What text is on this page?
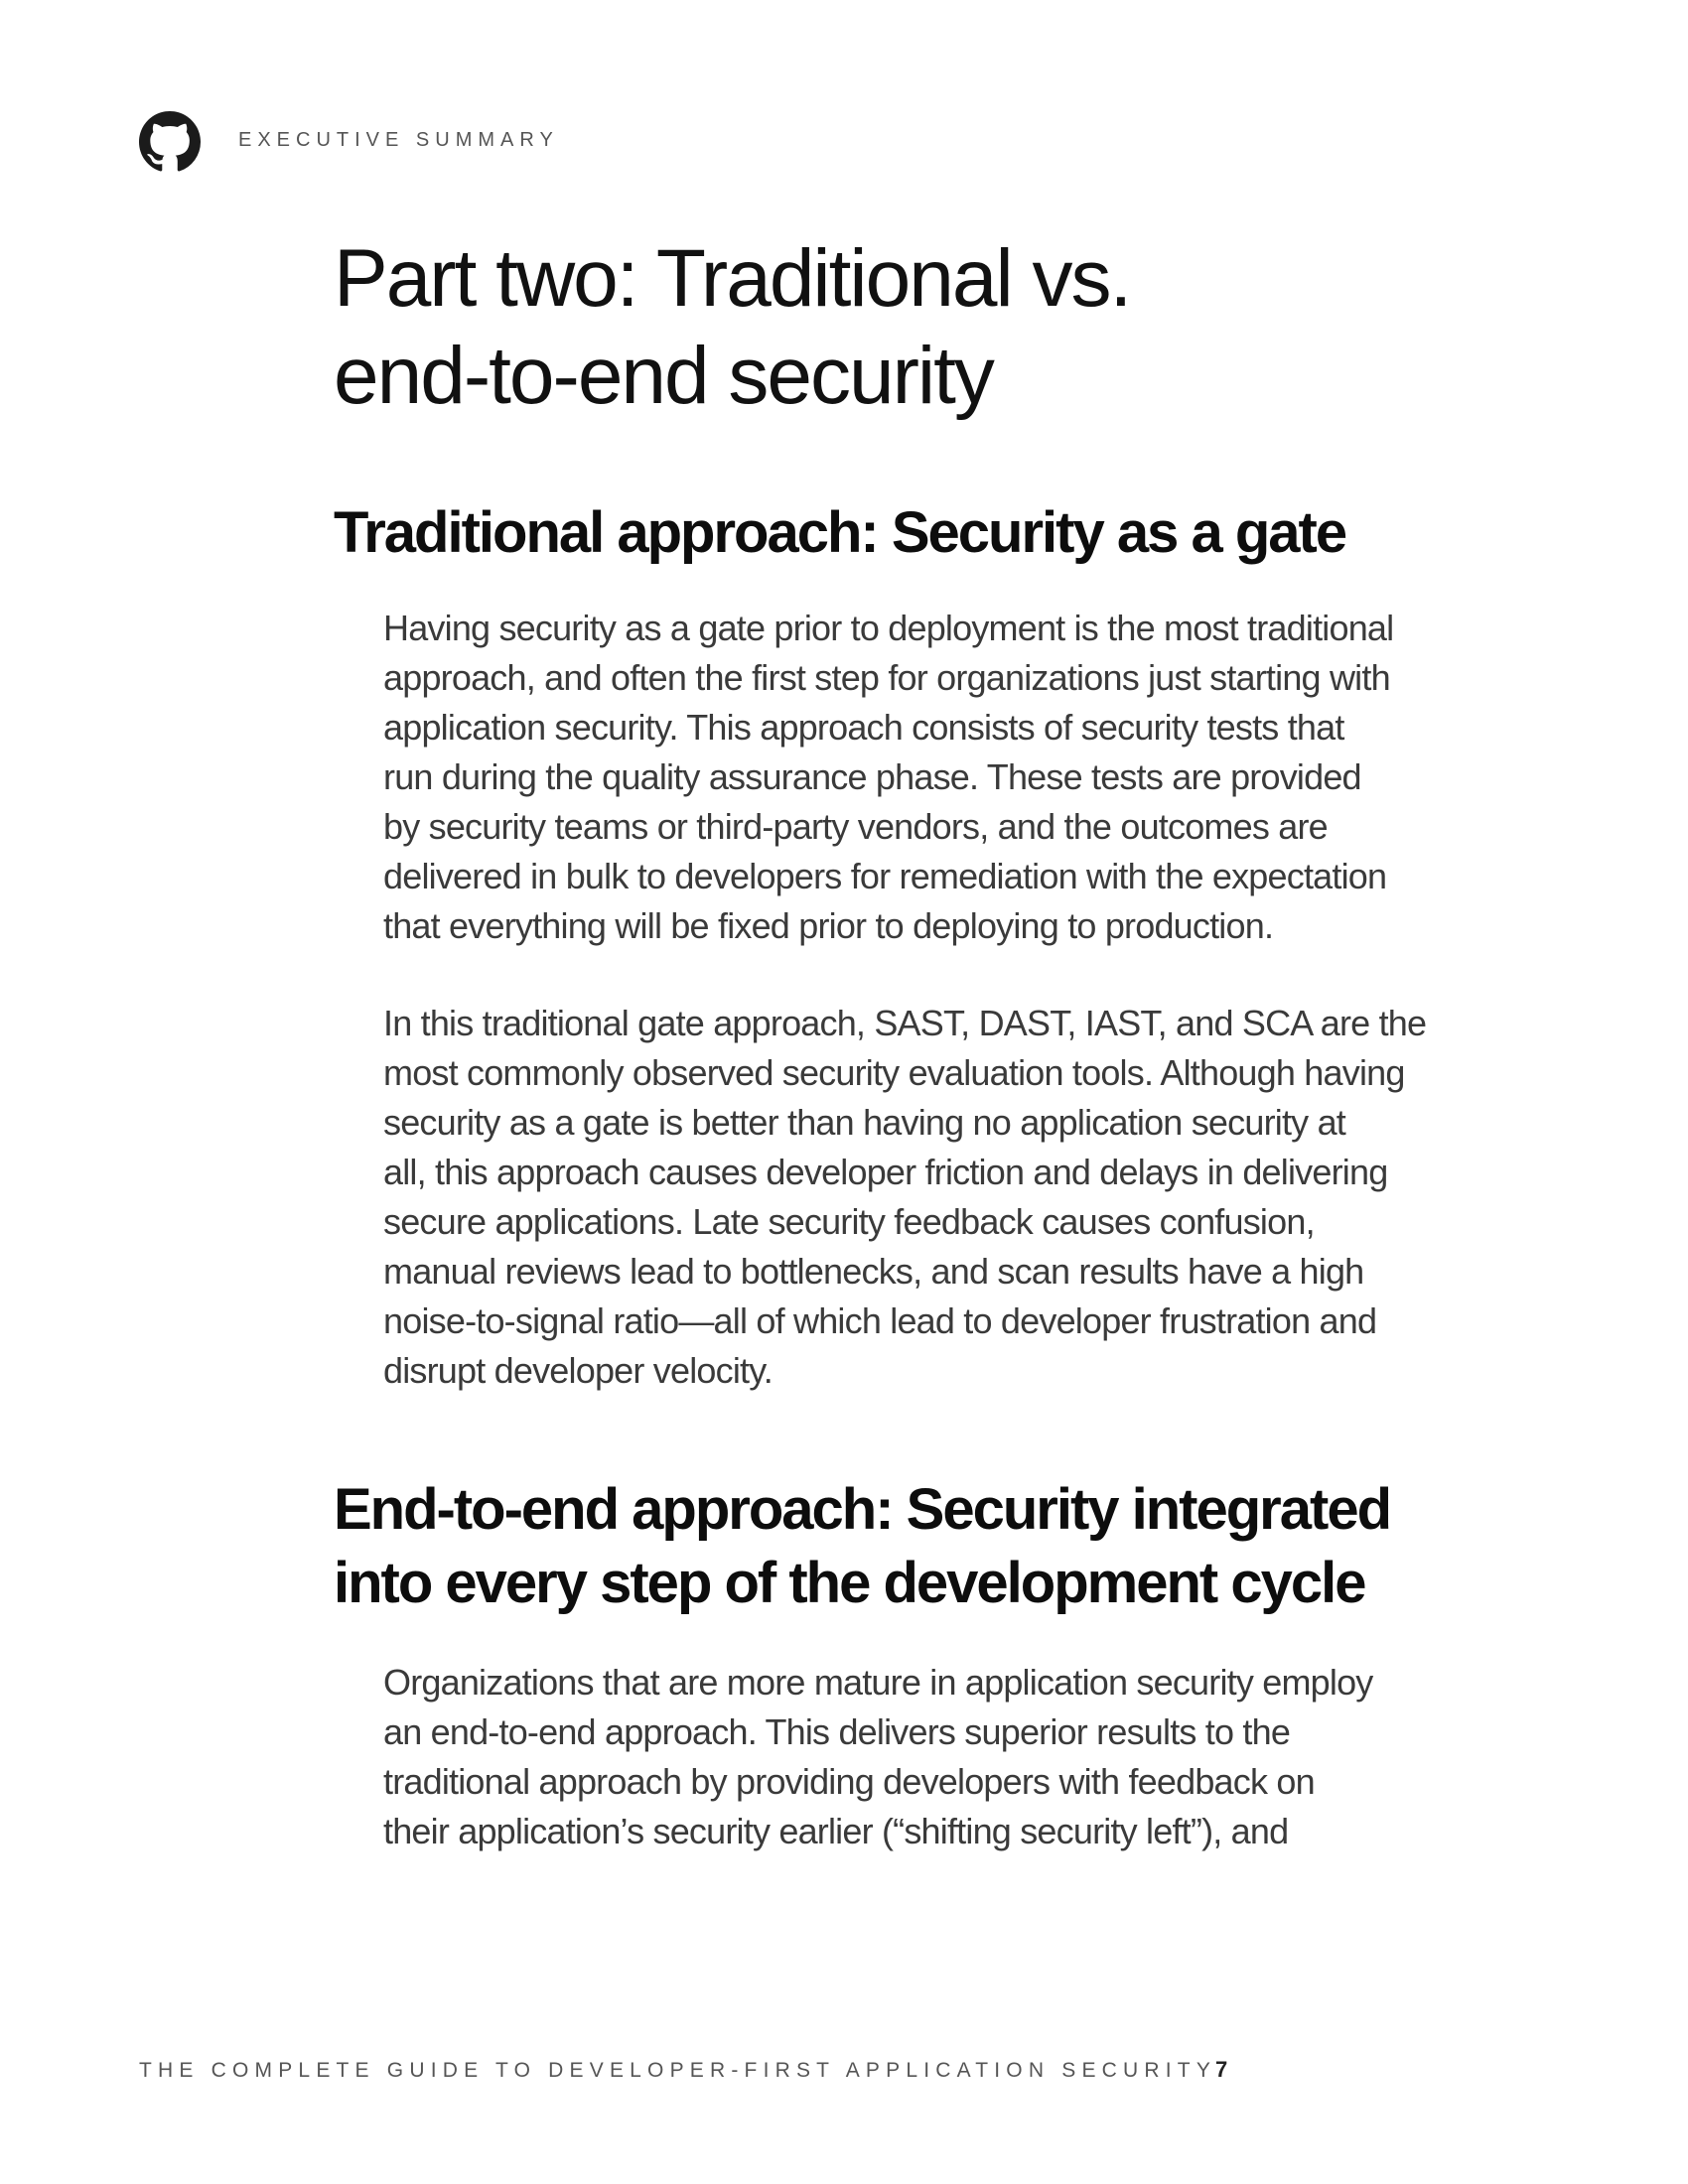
EXECUTIVE SUMMARY
Part two: Traditional vs.
end-to-end security
Traditional approach: Security as a gate

Having security as a gate prior to deployment is the most traditional
approach, and often the first step for organizations just starting with
application security. This approach consists of security tests that
run during the quality assurance phase. These tests are provided
by security teams or third-party vendors, and the outcomes are
delivered in bulk to developers for remediation with the expectation
that everything will be fixed prior to deploying to production.

In this traditional gate approach, SAST, DAST, IAST, and SCA are the
most commonly observed security evaluation tools. Although having
security as a gate is better than having no application security at
all, this approach causes developer friction and delays in delivering
secure applications. Late security feedback causes confusion,
manual reviews lead to bottlenecks, and scan results have a high
noise-to-signal ratio—all of which lead to developer frustration and
disrupt developer velocity.

End-to-end approach: Security integrated
into every step of the development cycle

Organizations that are more mature in application security employ
an end-to-end approach. This delivers superior results to the
traditional approach by providing developers with feedback on
their application’s security earlier (“shifting security left”), and

THE COMPLETE GUIDE TO DEVELOPER-FIRST APPLICATION SECURITY
7
